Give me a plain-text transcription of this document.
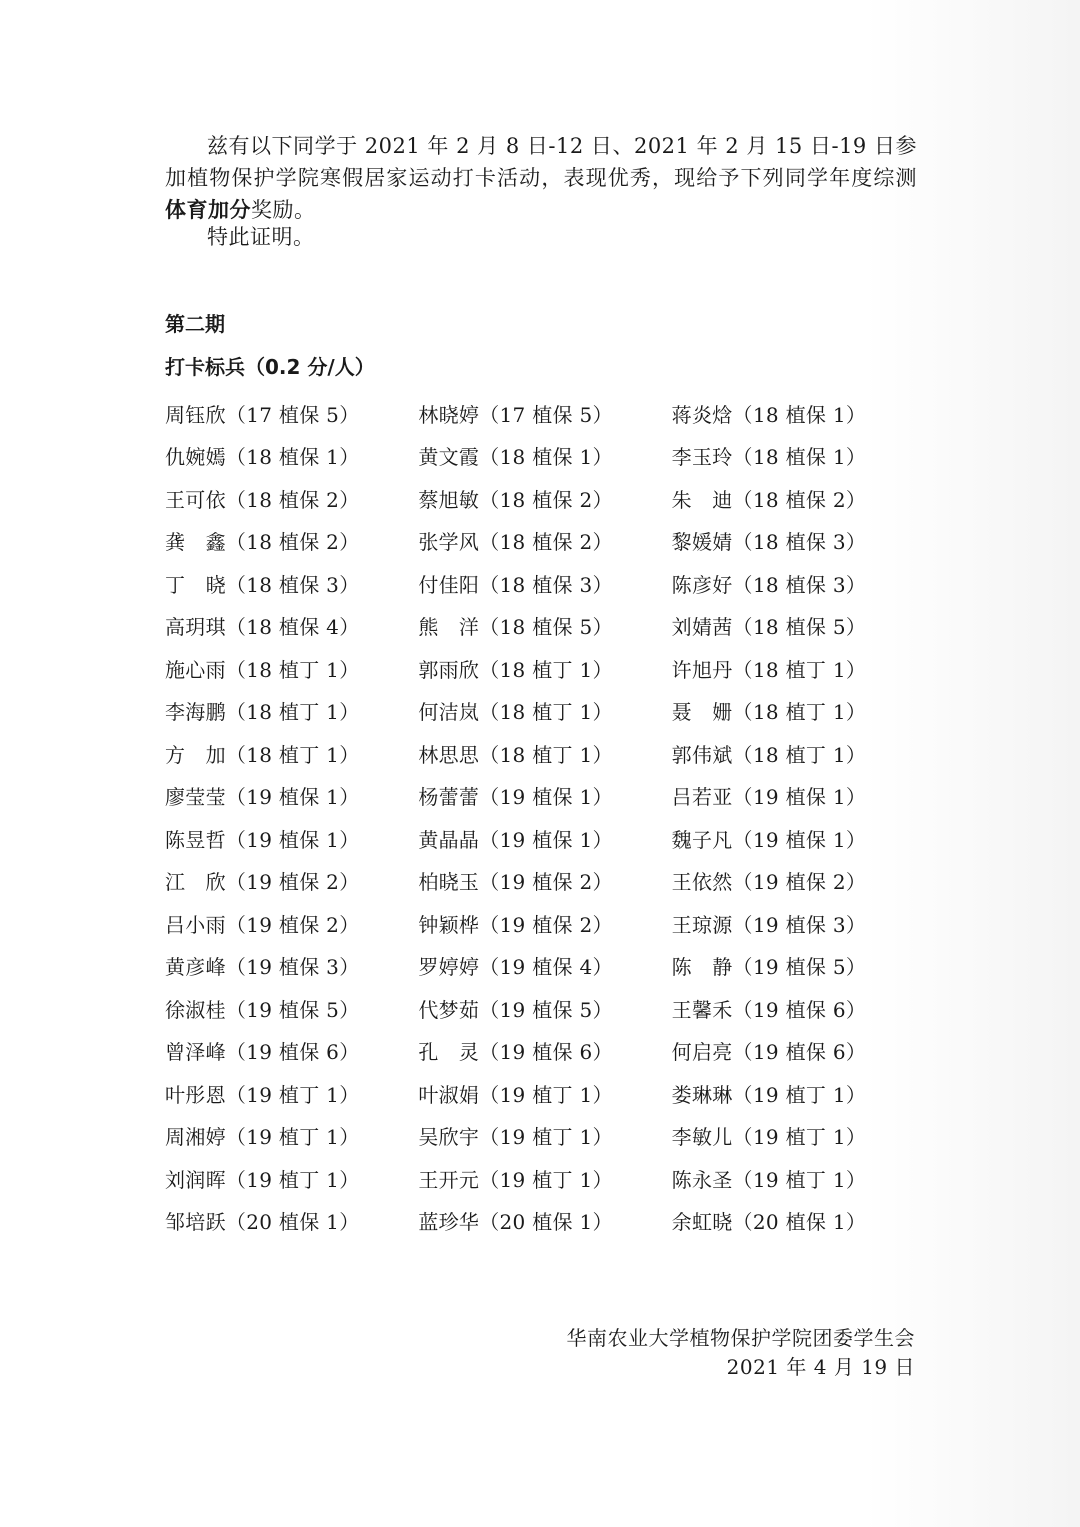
兹有以下同学于 2021 年 2 月 8 日-12 日、2021 年 2 月 15 日-19 日参加植物保护学院寒假居家运动打卡活动，表现优秀，现给予下列同学年度综测体育加分奖励。
特此证明。
第二期
打卡标兵（0.2 分/人）
周钰欣（17 植保 5）	林晓婷（17 植保 5）	蒋炎焓（18 植保 1）
仇婉嫣（18 植保 1）	黄文霞（18 植保 1）	李玉玲（18 植保 1）
王可依（18 植保 2）	蔡旭敏（18 植保 2）	朱　迪（18 植保 2）
龚　鑫（18 植保 2）	张学风（18 植保 2）	黎媛婧（18 植保 3）
丁　晓（18 植保 3）	付佳阳（18 植保 3）	陈彦好（18 植保 3）
高玥琪（18 植保 4）	熊　洋（18 植保 5）	刘婧茜（18 植保 5）
施心雨（18 植丁 1）	郭雨欣（18 植丁 1）	许旭丹（18 植丁 1）
李海鹏（18 植丁 1）	何洁岚（18 植丁 1）	聂　姗（18 植丁 1）
方　加（18 植丁 1）	林思思（18 植丁 1）	郭伟斌（18 植丁 1）
廖莹莹（19 植保 1）	杨蕾蕾（19 植保 1）	吕若亚（19 植保 1）
陈昱哲（19 植保 1）	黄晶晶（19 植保 1）	魏子凡（19 植保 1）
江　欣（19 植保 2）	柏晓玉（19 植保 2）	王依然（19 植保 2）
吕小雨（19 植保 2）	钟颖桦（19 植保 2）	王琼源（19 植保 3）
黄彦峰（19 植保 3）	罗婷婷（19 植保 4）	陈　静（19 植保 5）
徐淑桂（19 植保 5）	代梦茹（19 植保 5）	王馨禾（19 植保 6）
曾泽峰（19 植保 6）	孔　灵（19 植保 6）	何启亮（19 植保 6）
叶彤恩（19 植丁 1）	叶淑娟（19 植丁 1）	娄琳琳（19 植丁 1）
周湘婷（19 植丁 1）	吴欣宇（19 植丁 1）	李敏儿（19 植丁 1）
刘润晖（19 植丁 1）	王开元（19 植丁 1）	陈永圣（19 植丁 1）
邹培跃（20 植保 1）	蓝珍华（20 植保 1）	余虹晓（20 植保 1）
华南农业大学植物保护学院团委学生会
2021 年 4 月 19 日
